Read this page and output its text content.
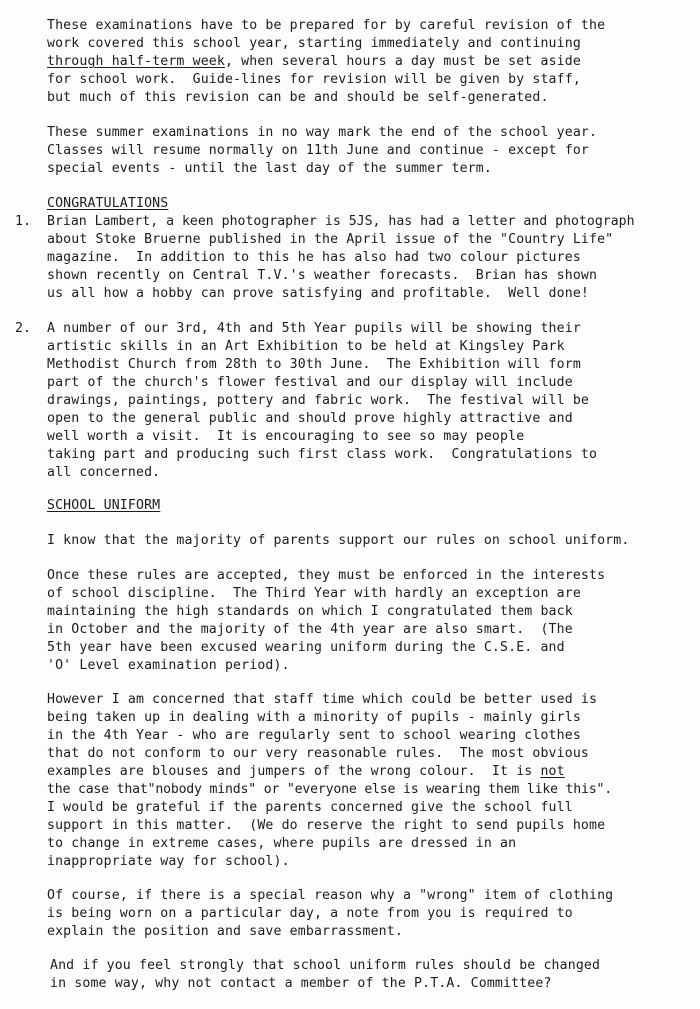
These examinations have to be prepared for by careful revision of the
work covered this school year, starting immediately and continuing
through half-term week, when several hours a day must be set aside
for school work.  Guide-lines for revision will be given by staff,
but much of this revision can be and should be self-generated.
These summer examinations in no way mark the end of the school year.
Classes will resume normally on 11th June and continue - except for
special events - until the last day of the summer term.
CONGRATULATIONS
1. Brian Lambert, a keen photographer is 5JS, has had a letter and photograph
about Stoke Bruerne published in the April issue of the "Country Life"
magazine.  In addition to this he has also had two colour pictures
shown recently on Central T.V.'s weather forecasts.  Brian has shown
us all how a hobby can prove satisfying and profitable.  Well done!
2. A number of our 3rd, 4th and 5th Year pupils will be showing their
artistic skills in an Art Exhibition to be held at Kingsley Park
Methodist Church from 28th to 30th June.  The Exhibition will form
part of the church's flower festival and our display will include
drawings, paintings, pottery and fabric work.  The festival will be
open to the general public and should prove highly attractive and
well worth a visit.  It is encouraging to see so may people
taking part and producing such first class work.  Congratulations to
all concerned.
SCHOOL UNIFORM
I know that the majority of parents support our rules on school uniform.
Once these rules are accepted, they must be enforced in the interests
of school discipline.  The Third Year with hardly an exception are
maintaining the high standards on which I congratulated them back
in October and the majority of the 4th year are also smart.  (The
5th year have been excused wearing uniform during the C.S.E. and
'O' Level examination period).
However I am concerned that staff time which could be better used is
being taken up in dealing with a minority of pupils - mainly girls
in the 4th Year - who are regularly sent to school wearing clothes
that do not conform to our very reasonable rules.  The most obvious
examples are blouses and jumpers of the wrong colour.  It is not
the case that"nobody minds" or "everyone else is wearing them like this".
I would be grateful if the parents concerned give the school full
support in this matter.  (We do reserve the right to send pupils home
to change in extreme cases, where pupils are dressed in an
inappropriate way for school).
Of course, if there is a special reason why a "wrong" item of clothing
is being worn on a particular day, a note from you is required to
explain the position and save embarrassment.
And if you feel strongly that school uniform rules should be changed
in some way, why not contact a member of the P.T.A. Committee?
